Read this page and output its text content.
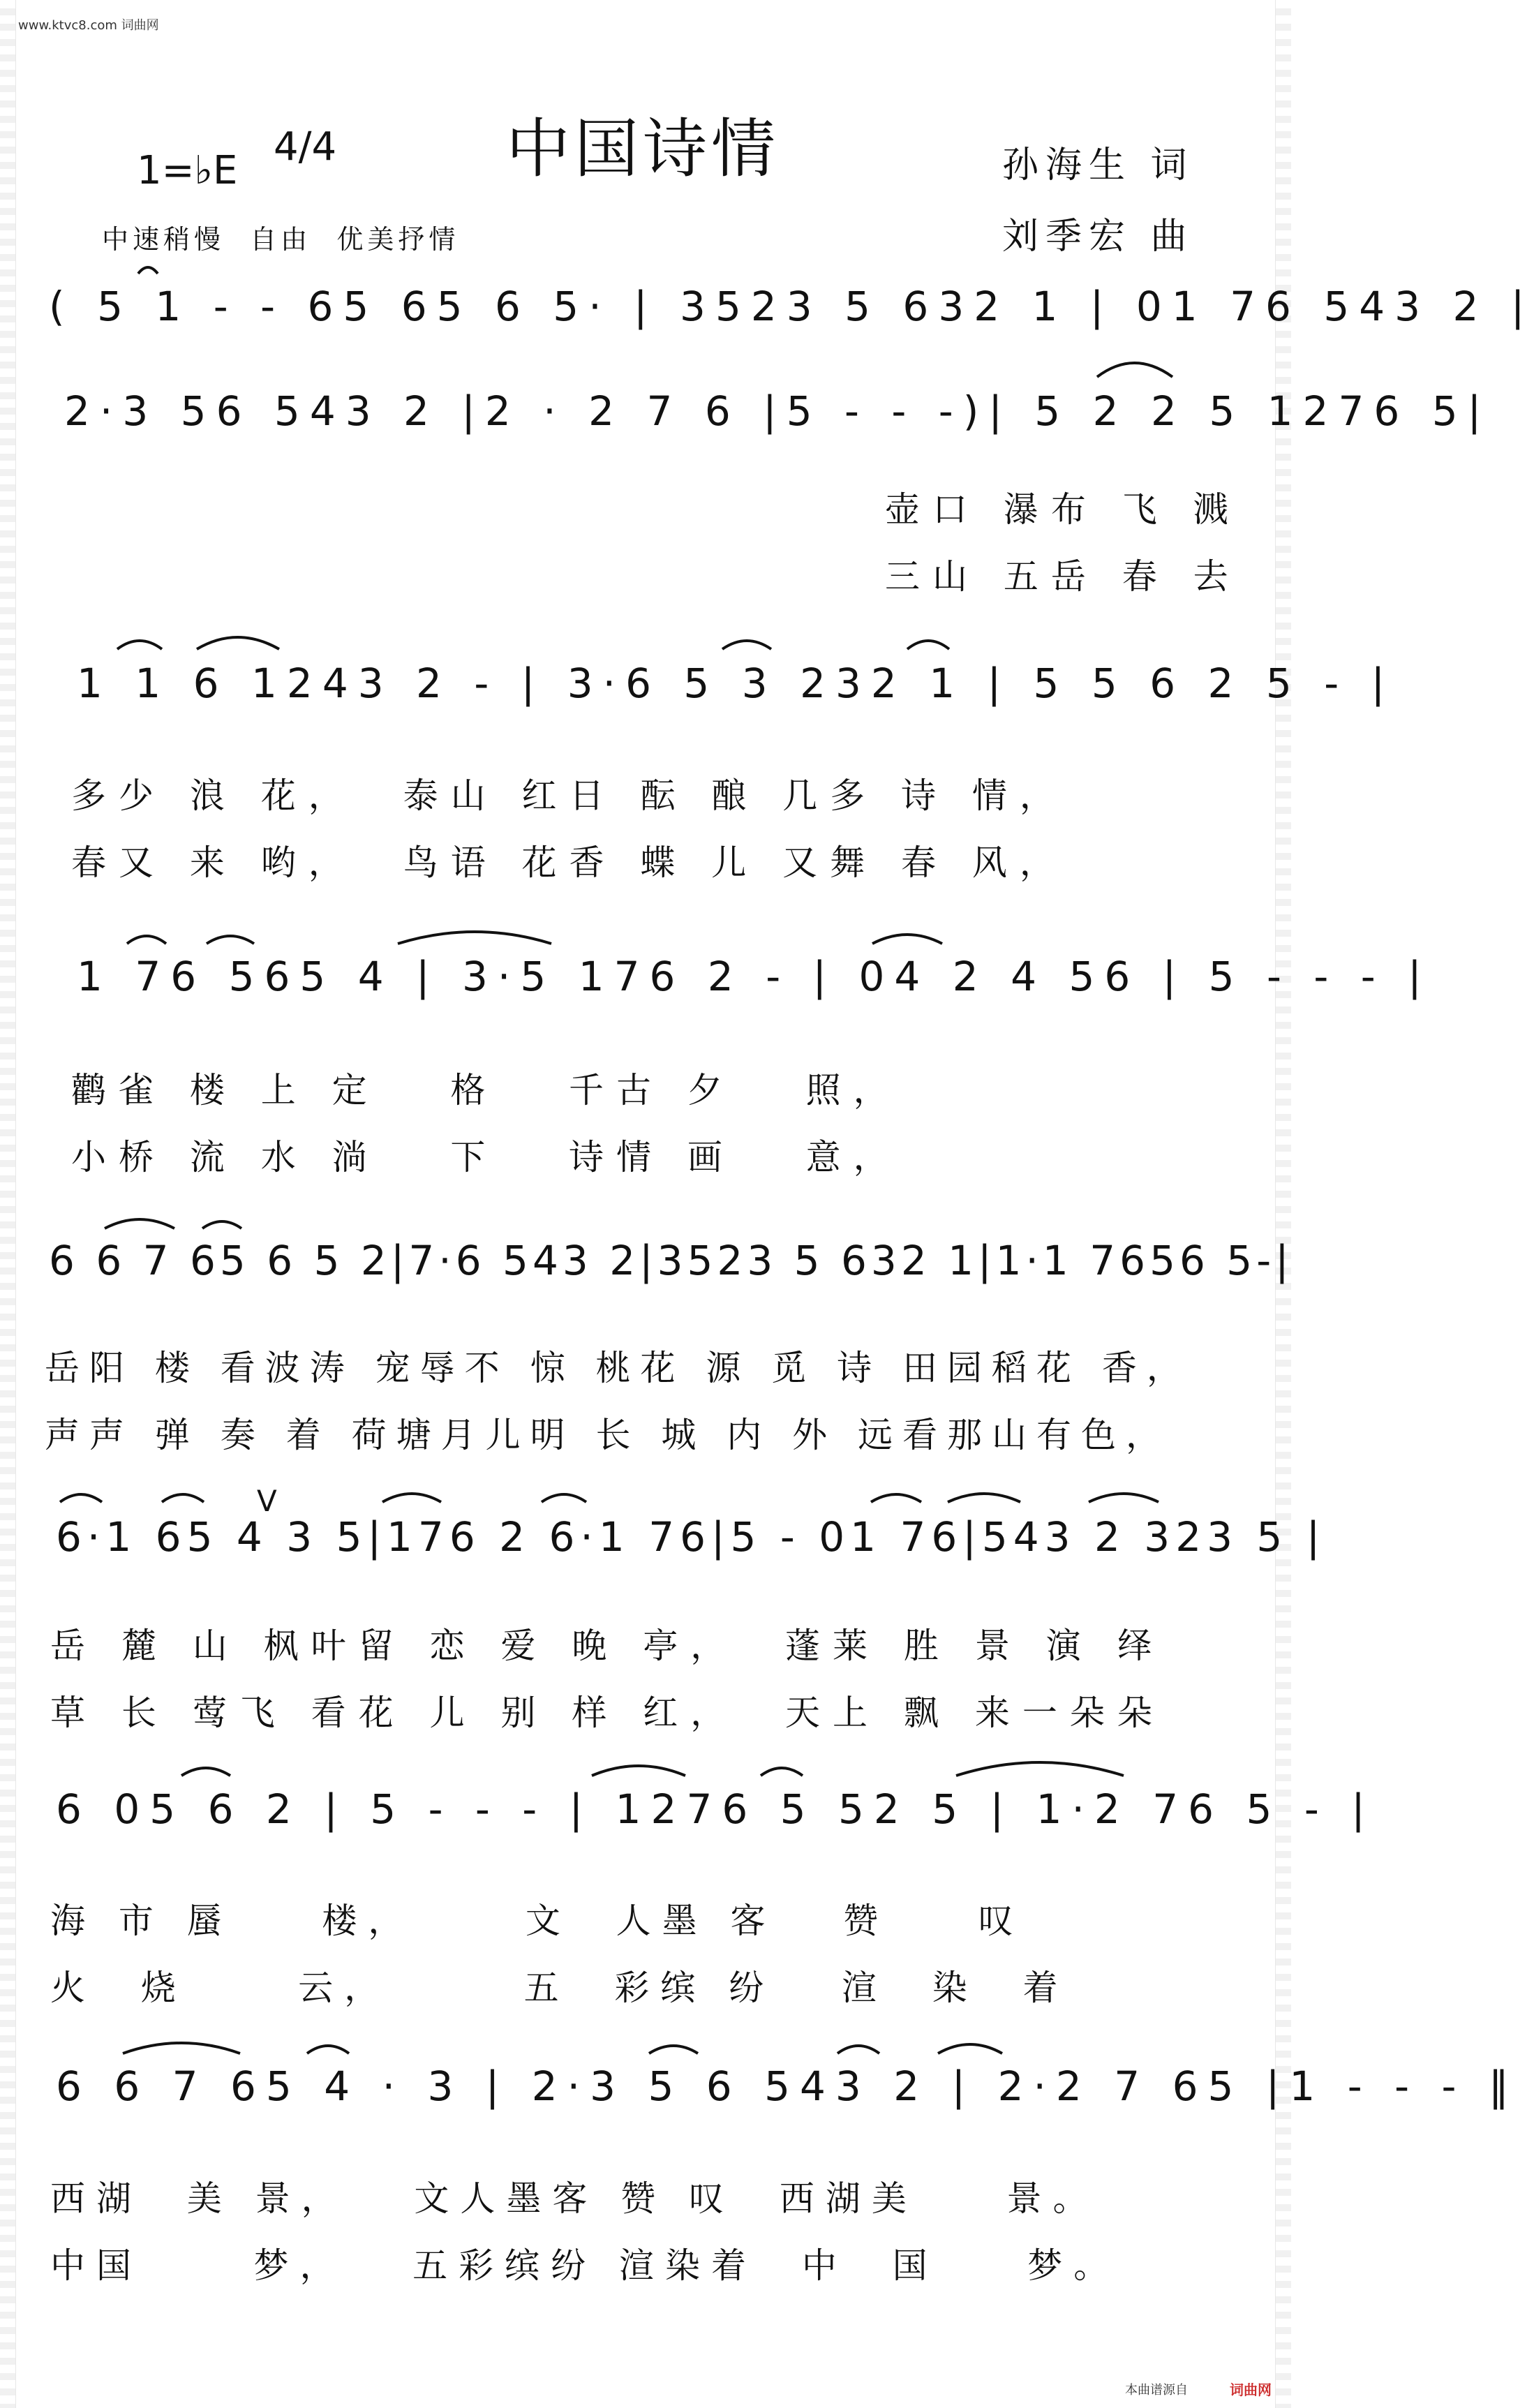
www.ktvc8.com 词曲网
中国诗情
1=♭E
4/4
中速稍慢  自由  优美抒情
孙海生 词
刘季宏 曲
( 5 1 - - 65 65 6 5· | 3523 5 632 1 | 01 76 543 2 |
2·3 56 543 2 |2 · 2 7 6 |5 - - -)| 5 2 2 5 1276 5|
壶口 瀑布 飞 溅
三山 五岳 春 去
1 1 6 1243 2 - | 3·6 5 3 232 1 | 5 5 6 2 5 - |
多少 浪 花，  泰山 红日 酝 酿 几多 诗 情，
春又 来 哟，  鸟语 花香 蝶 儿 又舞 春 风，
1 76 565 4 | 3·5 176 2 - | 04 2 4 56 | 5 - - - |
鹳雀 楼 上 定   格   千古 夕   照，
小桥 流 水 淌   下   诗情 画   意，
6 6 7 65 6 5 2|7·6 543 2|3523 5 632 1|1·1 7656 5-|
岳阳 楼 看波涛 宠辱不 惊 桃花 源 觅 诗 田园稻花 香，
声声 弹 奏 着 荷塘月儿明 长 城 内 外 远看那山有色，
6·1 65 4 3 5|176 2 6·1 76|5 - 01 76|543 2 323 5 |
V
岳 麓 山 枫叶留 恋 爱 晚 亭，  蓬莱 胜 景 演 绎
草 长 莺飞 看花 儿 别 样 红，  天上 飘 来一朵朵
6 05 6 2 | 5 - - - | 1276 5 52 5 | 1·2 76 5 - |
海 市 蜃    楼，     文  人墨 客   赞    叹
火  烧     云，      五  彩缤 纷   渲  染  着
6 6 7 65 4 · 3 | 2·3 5 6 543 2 | 2·2 7 65 |1 - - - ‖
西湖  美 景，   文人墨客 赞 叹  西湖美    景。
中国     梦，   五彩缤纷 渲染着  中  国    梦。
本曲谱源自	词曲网
